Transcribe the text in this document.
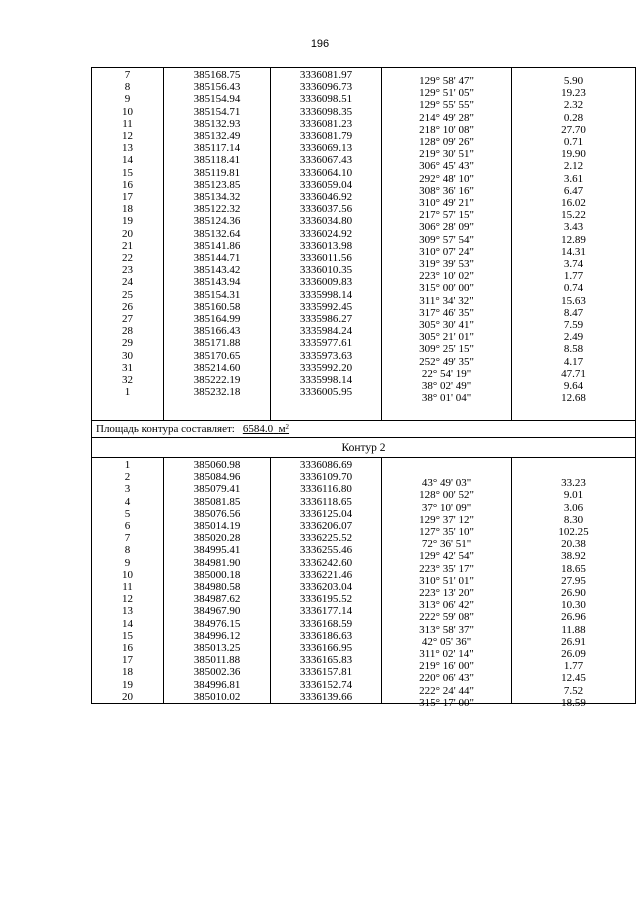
196
7	385168.75	3336081.97	129° 58' 47"	5.90
8	385156.43	3336096.73	129° 51' 05"	19.23
9	385154.94	3336098.51	129° 55' 55"	2.32
10	385154.71	3336098.35	214° 49' 28"	0.28
11	385132.93	3336081.23	218° 10' 08"	27.70
12	385132.49	3336081.79	128° 09' 26"	0.71
13	385117.14	3336069.13	219° 30' 51"	19.90
14	385118.41	3336067.43	306° 45' 43"	2.12
15	385119.81	3336064.10	292° 48' 10"	3.61
16	385123.85	3336059.04	308° 36' 16"	6.47
17	385134.32	3336046.92	310° 49' 21"	16.02
18	385122.32	3336037.56	217° 57' 15"	15.22
19	385124.36	3336034.80	306° 28' 09"	3.43
20	385132.64	3336024.92	309° 57' 54"	12.89
21	385141.86	3336013.98	310° 07' 24"	14.31
22	385144.71	3336011.56	319° 39' 53"	3.74
23	385143.42	3336010.35	223° 10' 02"	1.77
24	385143.94	3336009.83	315° 00' 00"	0.74
25	385154.31	3335998.14	311° 34' 32"	15.63
26	385160.58	3335992.45	317° 46' 35"	8.47
27	385164.99	3335986.27	305° 30' 41"	7.59
28	385166.43	3335984.24	305° 21' 01"	2.49
29	385171.88	3335977.61	309° 25' 15"	8.58
30	385170.65	3335973.63	252° 49' 35"	4.17
31	385214.60	3335992.20	22° 54' 19"	47.71
32	385222.19	3335998.14	38° 02' 49"	9.64
1	385232.18	3336005.95	38° 01' 04"	12.68

Площадь контура составляет: 6584.0 $м^2$
Контур 2				
1	385060.98	3336086.69		
2	385084.96	3336109.70	43° 49' 03"	33.23
3	385079.41	3336116.80	128° 00' 52"	9.01
4	385081.85	3336118.65	37° 10' 09"	3.06
5	385076.56	3336125.04	129° 37' 12"	8.30
6	385014.19	3336206.07	127° 35' 10"	102.25
7	385020.28	3336225.52	72° 36' 51"	20.38
8	384995.41	3336255.46	129° 42' 54"	38.92
9	384981.90	3336242.60	223° 35' 17"	18.65
10	385000.18	3336221.46	310° 51' 01"	27.95
11	384980.58	3336203.04	223° 13' 20"	26.90
12	384987.62	3336195.52	313° 06' 42"	10.30
13	384967.90	3336177.14	222° 59' 08"	26.96
14	384976.15	3336168.59	313° 58' 37"	11.88
15	384996.12	3336186.63	42° 05' 36"	26.91
16	385013.25	3336166.95	311° 02' 14"	26.09
17	385011.88	3336165.83	219° 16' 00"	1.77
18	385002.36	3336157.81	220° 06' 43"	12.45
19	384996.81	3336152.74	222° 24' 44"	7.52
20	385010.02	3336139.66	315° 17' 00"	18.59
